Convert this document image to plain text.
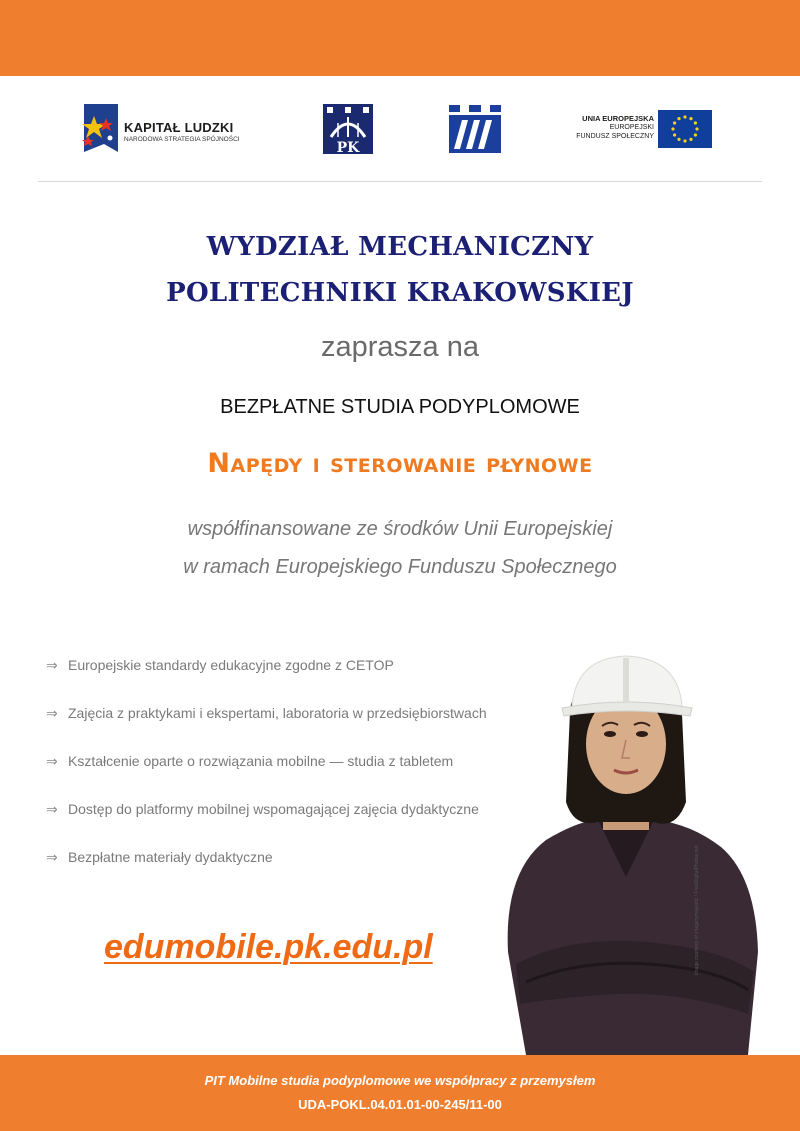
KAPITAŁ LUDZKI
NARODOWA STRATEGIA SPÓJNOŚCI
PK
UNIA EUROPEJSKA
EUROPEJSKI
FUNDUSZ SPOŁECZNY
WYDZIAŁ MECHANICZNY
POLITECHNIKI KRAKOWSKIEJ
zaprasza na
BEZPŁATNE STUDIA PODYPLOMOWE
Napędy i sterowanie płynowe
współfinansowane ze środków Unii Europejskiej
w ramach Europejskiego Funduszu Społecznego
⇒ Europejskie standardy edukacyjne zgodne z CETOP
⇒ Zajęcia z praktykami i ekspertami, laboratoria w przedsiębiorstwach
⇒ Kształcenie oparte o rozwiązania mobilne — studia z tabletem
⇒ Dostęp do platformy mobilnej wspomagającej zajęcia dydaktyczne
⇒ Bezpłatne materiały dydaktyczne
edumobile.pk.edu.pl	Image courtesy of imagerymajestic / FreeDigitalPhotos.net
PIT Mobilne studia podyplomowe we współpracy z przemysłem
UDA-POKL.04.01.01-00-245/11-00
